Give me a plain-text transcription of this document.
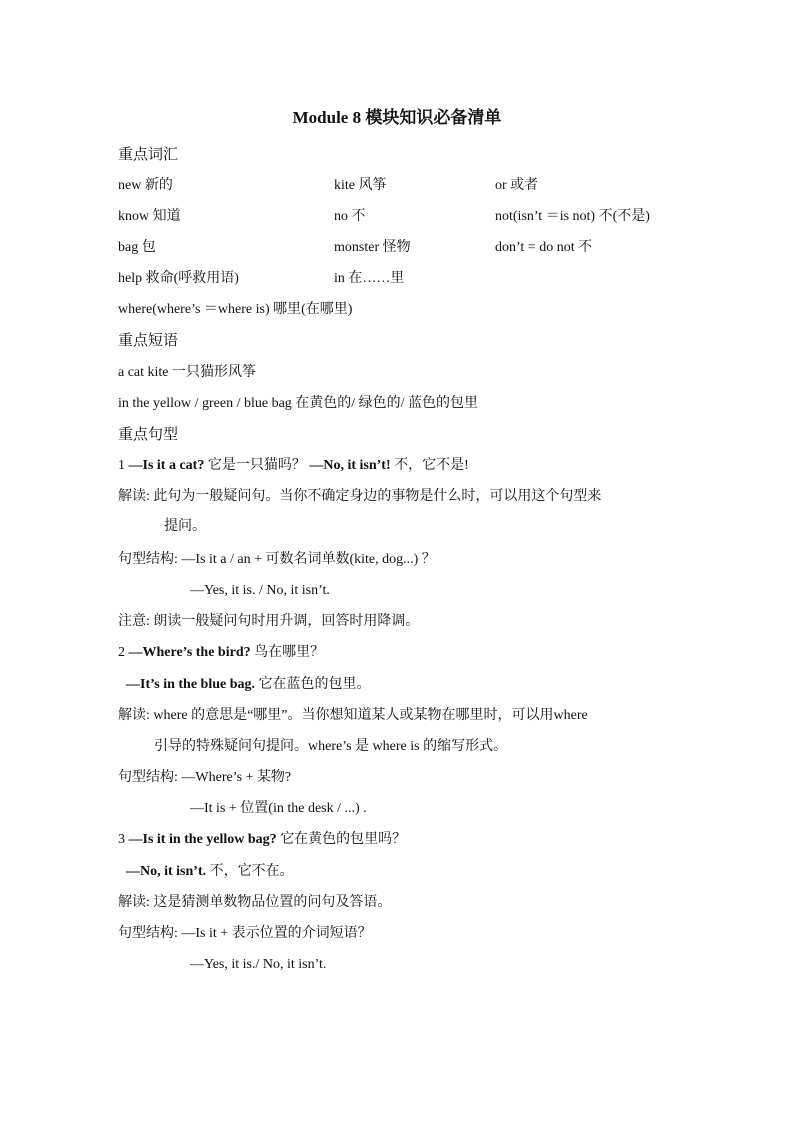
Module 8 模块知识必备清单
重点词汇
new 新的	kite 风筝	or 或者
know 知道	no 不	not(isn’t ＝is not) 不(不是)
bag 包	monster 怪物	don’t = do not 不
help 救命(呼救用语)	in 在……里
where(where’s ＝where is) 哪里(在哪里)
重点短语
a cat kite 一只猫形风筝
in the yellow / green / blue bag 在黄色的/ 绿色的/ 蓝色的包里
重点句型
1 —Is it a cat? 它是一只猫吗？ —No, it isn’t! 不，它不是!
解读: 此句为一般疑问句。当你不确定身边的事物是什么时，可以用这个句型来
提问。
句型结构: —Is it a / an + 可数名词单数(kite, dog...) ？
—Yes, it is. / No, it isn’t.
注意: 朗读一般疑问句时用升调，回答时用降调。
2 —Where’s the bird? 鸟在哪里？
—It’s in the blue bag. 它在蓝色的包里。
解读: where 的意思是“哪里”。当你想知道某人或某物在哪里时，可以用where
引导的特殊疑问句提问。where’s 是 where is 的缩写形式。
句型结构: —Where’s + 某物?
—It is + 位置(in the desk / ...) .
3 —Is it in the yellow bag? 它在黄色的包里吗？
—No, it isn’t. 不，它不在。
解读: 这是猜测单数物品位置的问句及答语。
句型结构: —Is it + 表示位置的介词短语？
—Yes, it is./ No, it isn’t.
